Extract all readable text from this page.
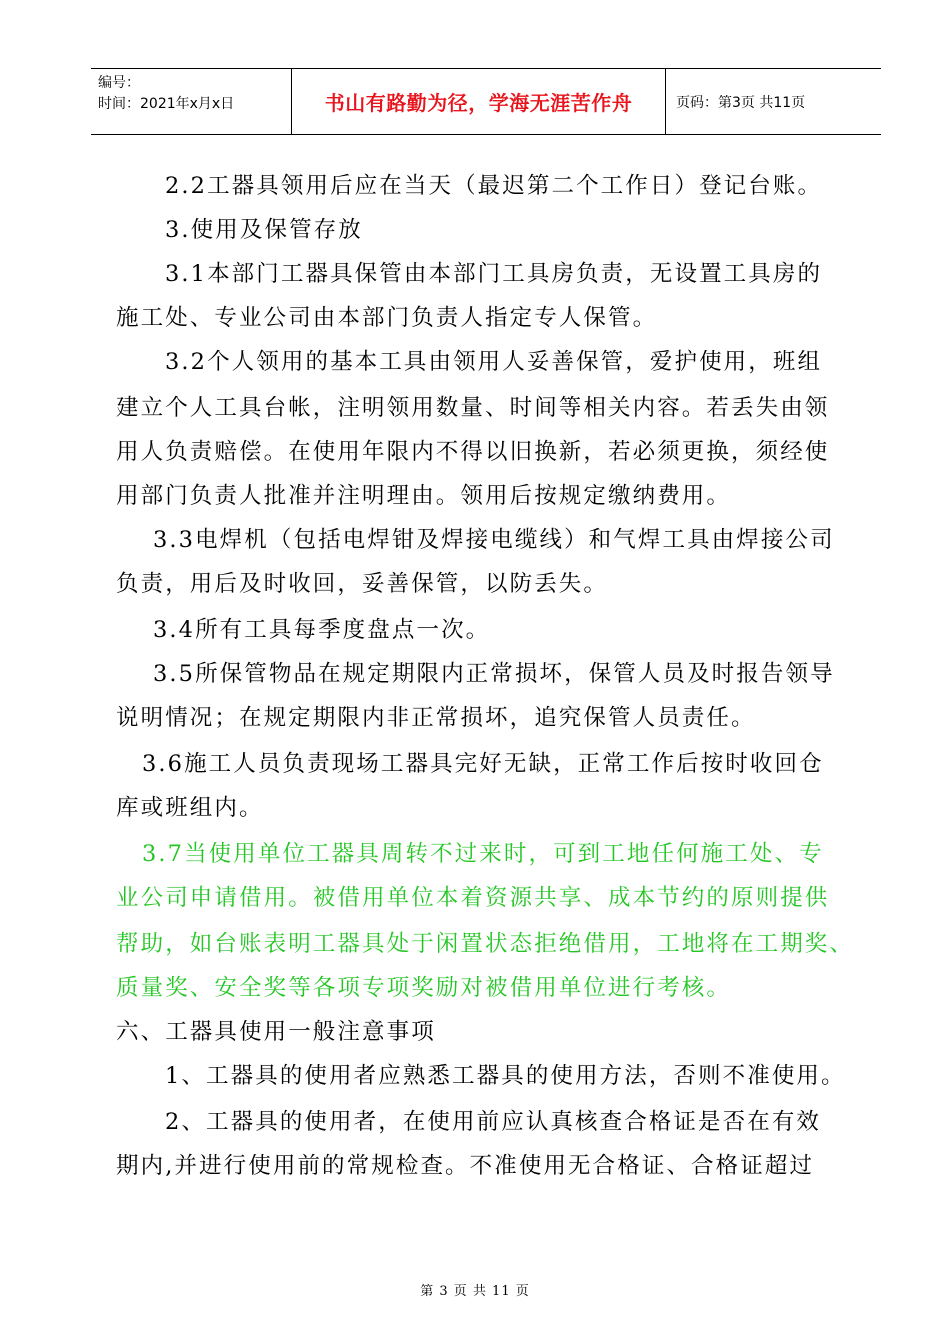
编号：
时间：2021年x月x日	书山有路勤为径，学海无涯苦作舟	页码：第3页 共11页
2.2工器具领用后应在当天（最迟第二个工作日）登记台账。
3.使用及保管存放
3.1本部门工器具保管由本部门工具房负责，无设置工具房的
施工处、专业公司由本部门负责人指定专人保管。
3.2个人领用的基本工具由领用人妥善保管，爱护使用，班组
建立个人工具台帐，注明领用数量、时间等相关内容。若丢失由领
用人负责赔偿。在使用年限内不得以旧换新，若必须更换，须经使
用部门负责人批准并注明理由。领用后按规定缴纳费用。
3.3电焊机（包括电焊钳及焊接电缆线）和气焊工具由焊接公司
负责，用后及时收回，妥善保管，以防丢失。
3.4所有工具每季度盘点一次。
3.5所保管物品在规定期限内正常损坏，保管人员及时报告领导
说明情况；在规定期限内非正常损坏，追究保管人员责任。
3.6施工人员负责现场工器具完好无缺，正常工作后按时收回仓
库或班组内。
3.7当使用单位工器具周转不过来时，可到工地任何施工处、专
业公司申请借用。被借用单位本着资源共享、成本节约的原则提供
帮助，如台账表明工器具处于闲置状态拒绝借用，工地将在工期奖、
质量奖、安全奖等各项专项奖励对被借用单位进行考核。
六、工器具使用一般注意事项
1、工器具的使用者应熟悉工器具的使用方法，否则不准使用。
2、工器具的使用者，在使用前应认真核查合格证是否在有效
期内,并进行使用前的常规检查。不准使用无合格证、合格证超过
第 3 页 共 11 页
